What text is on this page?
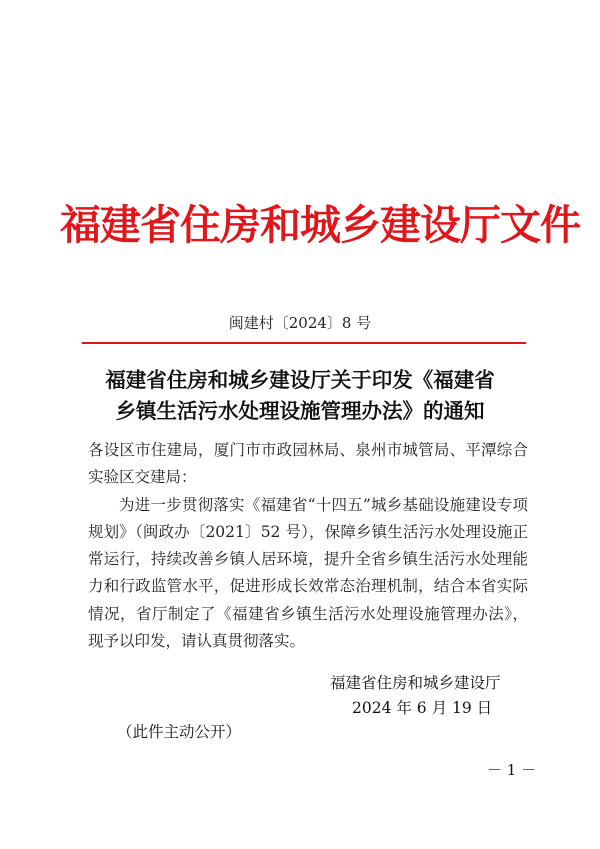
福建省住房和城乡建设厅文件
闽建村〔2024〕8 号
福建省住房和城乡建设厅关于印发《福建省
乡镇生活污水处理设施管理办法》的通知

各设区市住建局，厦门市市政园林局、泉州市城管局、平潭综合实验区交建局：

为进一步贯彻落实《福建省“十四五”城乡基础设施建设专项规划》（闽政办〔2021〕52 号），保障乡镇生活污水处理设施正常运行，持续改善乡镇人居环境，提升全省乡镇生活污水处理能力和行政监管水平，促进形成长效常态治理机制，结合本省实际情况，省厅制定了《福建省乡镇生活污水处理设施管理办法》，现予以印发，请认真贯彻落实。

福建省住房和城乡建设厅
2024 年 6 月 19 日
（此件主动公开）
－ 1 －
